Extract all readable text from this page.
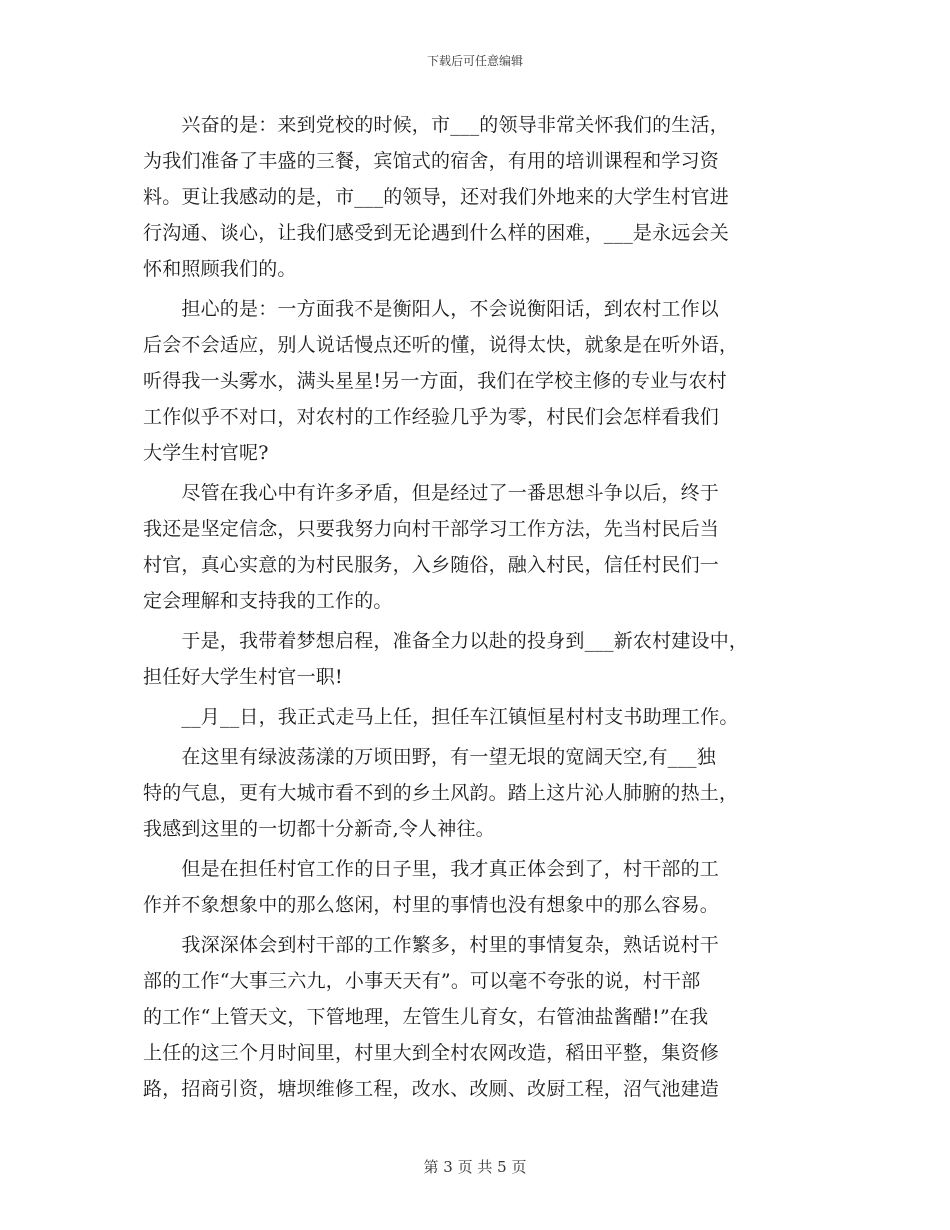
下载后可任意编辑
　　兴奋的是：来到党校的时候，市___的领导非常关怀我们的生活，
为我们准备了丰盛的三餐，宾馆式的宿舍，有用的培训课程和学习资
料。更让我感动的是，市___的领导，还对我们外地来的大学生村官进
行沟通、谈心，让我们感受到无论遇到什么样的困难，___是永远会关
怀和照顾我们的。
　　担心的是：一方面我不是衡阳人，不会说衡阳话，到农村工作以
后会不会适应，别人说话慢点还听的懂，说得太快，就象是在听外语，
听得我一头雾水，满头星星!另一方面，我们在学校主修的专业与农村
工作似乎不对口，对农村的工作经验几乎为零，村民们会怎样看我们
大学生村官呢?
　　尽管在我心中有许多矛盾，但是经过了一番思想斗争以后，终于
我还是坚定信念，只要我努力向村干部学习工作方法，先当村民后当
村官，真心实意的为村民服务，入乡随俗，融入村民，信任村民们一
定会理解和支持我的工作的。
　　于是，我带着梦想启程，准备全力以赴的投身到___新农村建设中，
担任好大学生村官一职!
　　__月__日，我正式走马上任，担任车江镇恒星村村支书助理工作。
　　在这里有绿波荡漾的万顷田野，有一望无垠的宽阔天空,有___独
特的气息，更有大城市看不到的乡土风韵。踏上这片沁人肺腑的热土，
我感到这里的一切都十分新奇,令人神往。
　　但是在担任村官工作的日子里，我才真正体会到了，村干部的工
作并不象想象中的那么悠闲，村里的事情也没有想象中的那么容易。
　　我深深体会到村干部的工作繁多，村里的事情复杂，熟话说村干
部的工作“大事三六九，小事天天有”。可以毫不夸张的说，村干部
的工作“上管天文，下管地理，左管生儿育女，右管油盐酱醋!”在我
上任的这三个月时间里，村里大到全村农网改造，稻田平整，集资修
路，招商引资，塘坝维修工程，改水、改厕、改厨工程，沼气池建造
第 3 页 共 5 页
